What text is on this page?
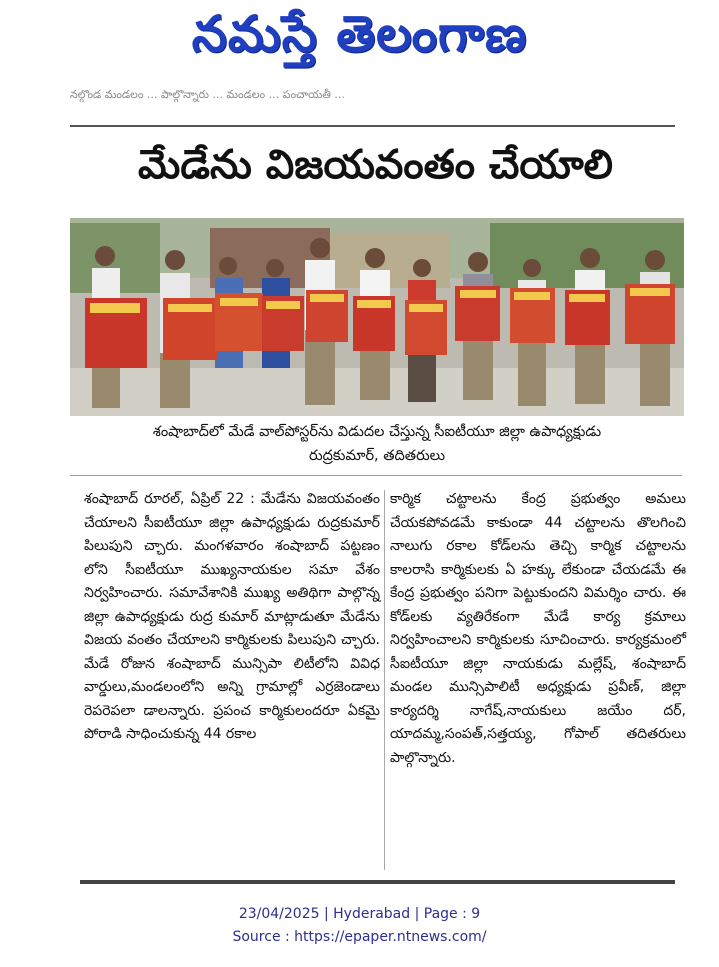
నమస్తే తెలంగాణ
నల్గొండ మండలం ... పాల్గొన్నారు ... మండలం ... పంచాయతీ ...
మేడేను విజయవంతం చేయాలి
శంషాబాద్‌లో మేడే వాల్‌పోస్టర్‌ను విడుదల చేస్తున్న సీఐటీయూ జిల్లా ఉపాధ్యక్షుడు
రుద్రకుమార్, తదితరులు

శంషాబాద్ రూరల్, ఏప్రిల్ 22 : మేడేను విజయవంతం చేయాలని సీఐటీయూ జిల్లా ఉపాధ్యక్షుడు రుద్రకుమార్ పిలుపుని చ్చారు. మంగళవారం శంషాబాద్ పట్టణం లోని సీఐటీయూ ముఖ్యనాయకుల సమా వేశం నిర్వహించారు. సమావేశానికి ముఖ్య అతిథిగా పాల్గొన్న జిల్లా ఉపాధ్యక్షుడు రుద్ర కుమార్ మాట్లాడుతూ మేడేను విజయ వంతం చేయాలని కార్మికులకు పిలుపుని చ్చారు. మేడే రోజున శంషాబాద్ మున్సిపా లిటీలోని వివిధ వార్డులు,మండలంలోని అన్ని గ్రామాల్లో ఎర్రజెండాలు రెపరెపలా డాలన్నారు. ప్రపంచ కార్మికులందరూ ఏకమై పోరాడి సాధించుకున్న 44 రకాల

కార్మిక చట్టాలను కేంద్ర ప్రభుత్వం అమలు చేయకపోవడమే కాకుండా 44 చట్టాలను తొలగించి నాలుగు రకాల కోడ్‌లను తెచ్చి కార్మిక చట్టాలను కాలరాసి కార్మికులకు ఏ హక్కు లేకుండా చేయడమే ఈ కేంద్ర ప్రభుత్వం పనిగా పెట్టుకుందని విమర్శిం చారు. ఈ కోడ్‌లకు వ్యతిరేకంగా మేడే కార్య క్రమాలు నిర్వహించాలని కార్మికులకు సూచించారు. కార్యక్రమంలో సీఐటీయూ జిల్లా నాయకుడు మల్లేష్, శంషాబాద్ మండల మున్సిపాలిటీ అధ్యక్షుడు ప్రవీణ్, జిల్లా కార్యదర్శి నాగేష్,నాయకులు జయేం దర్, యాదమ్మ,సంపత్,సత్తయ్య, గోపాల్ తదితరులు పాల్గొన్నారు.

23/04/2025 | Hyderabad | Page : 9
Source : https://epaper.ntnews.com/
